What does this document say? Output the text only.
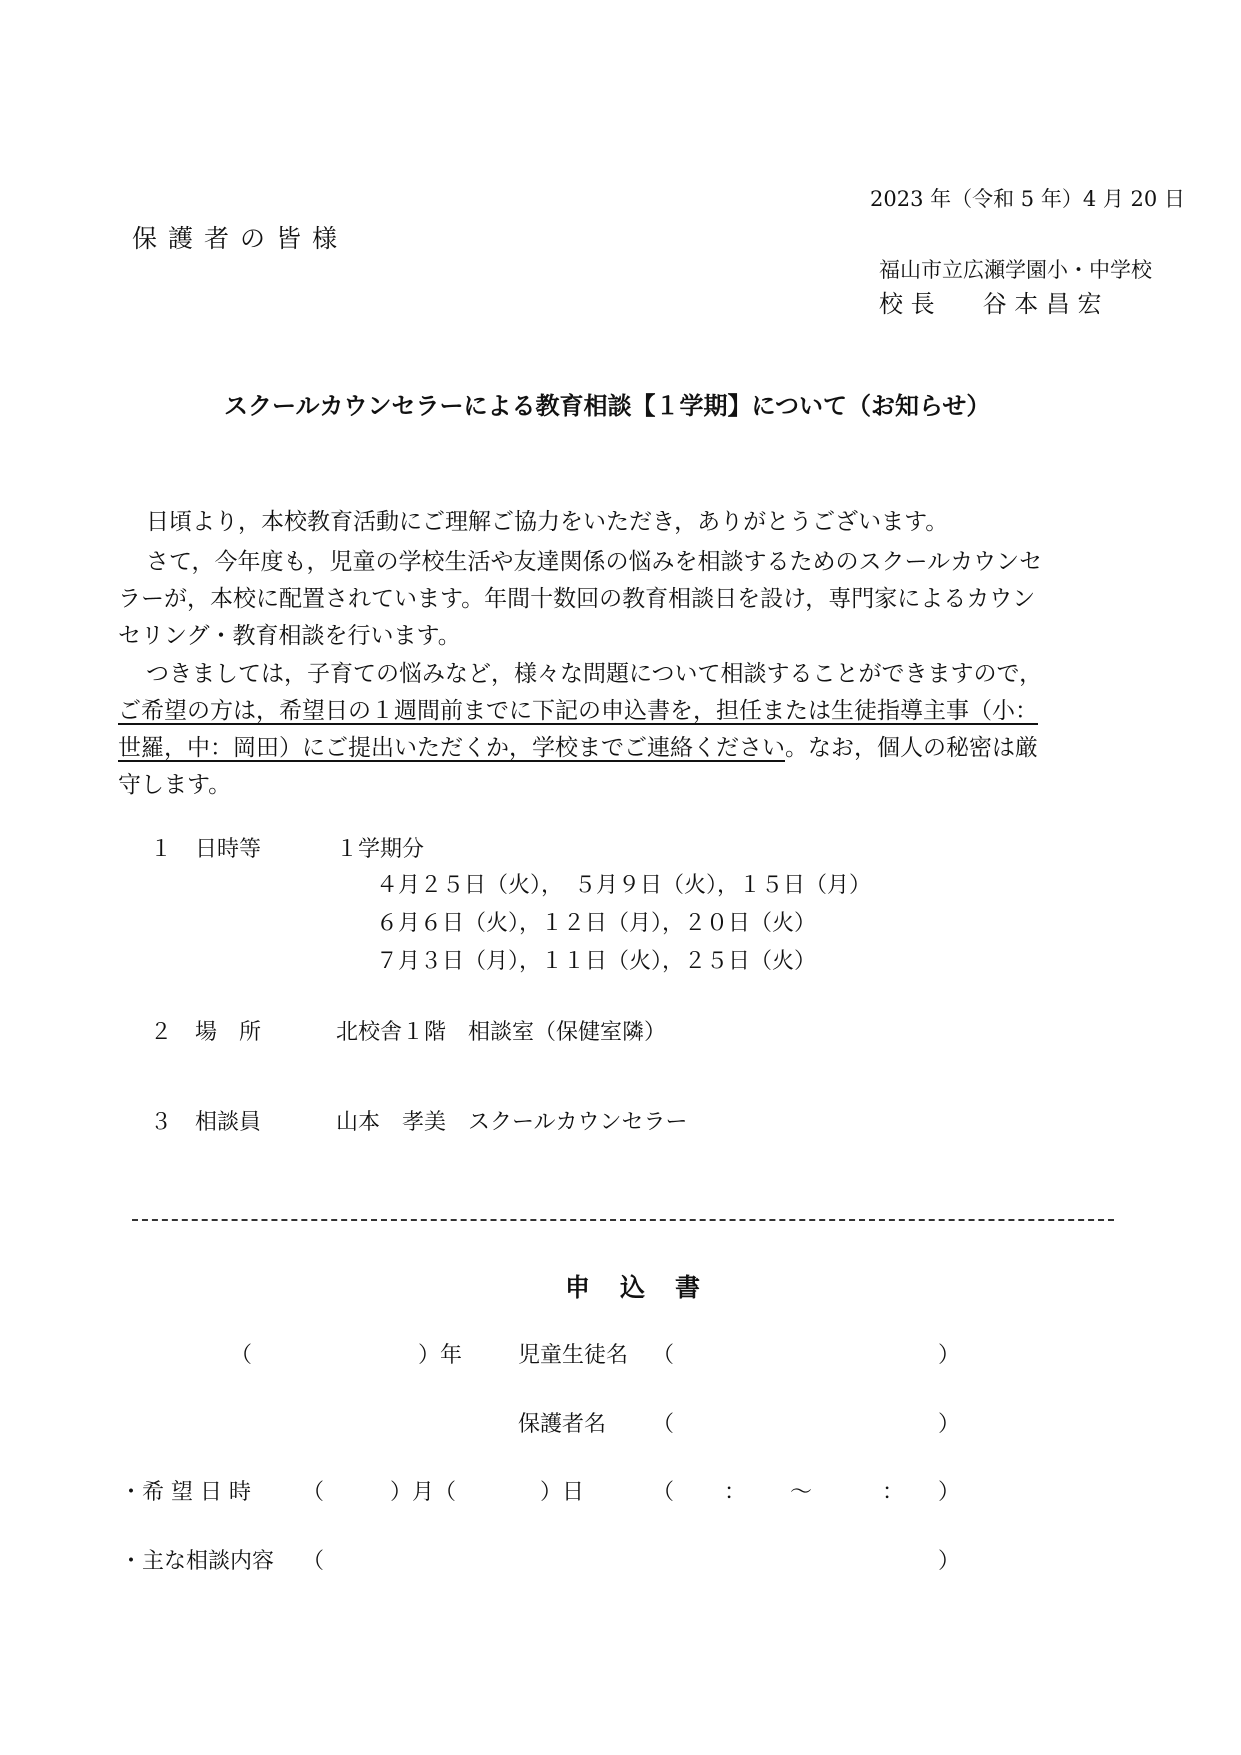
2023 年（令和 5 年）4 月 20 日
保護者の皆様
福山市立広瀬学園小・中学校
校 長　　谷 本 昌 宏
スクールカウンセラーによる教育相談【１学期】について（お知らせ）
日頃より，本校教育活動にご理解ご協力をいただき，ありがとうございます。
さて，今年度も，児童の学校生活や友達関係の悩みを相談するためのスクールカウンセ
ラーが，本校に配置されています。年間十数回の教育相談日を設け，専門家によるカウン
セリング・教育相談を行います。
つきましては，子育ての悩みなど，様々な問題について相談することができますので，
ご希望の方は，希望日の１週間前までに下記の申込書を，担任または生徒指導主事（小：
世羅，中：岡田）にご提出いただくか，学校までご連絡ください。なお，個人の秘密は厳
守します。
１ 日時等	１学期分
４月２５日（火），　５月９日（火），１５日（月）
６月６日（火），１２日（月），２０日（火）
７月３日（月），１１日（火），２５日（火）
２ 場　所	北校舎１階　相談室（保健室隣）
３ 相談員	山本　孝美　スクールカウンセラー
申込書
（	）年	児童生徒名 （	）
保護者名 （	）
・希 望 日 時 （	）月（	）日	（ ： ～	： ）
・主な相談内容 （	）
